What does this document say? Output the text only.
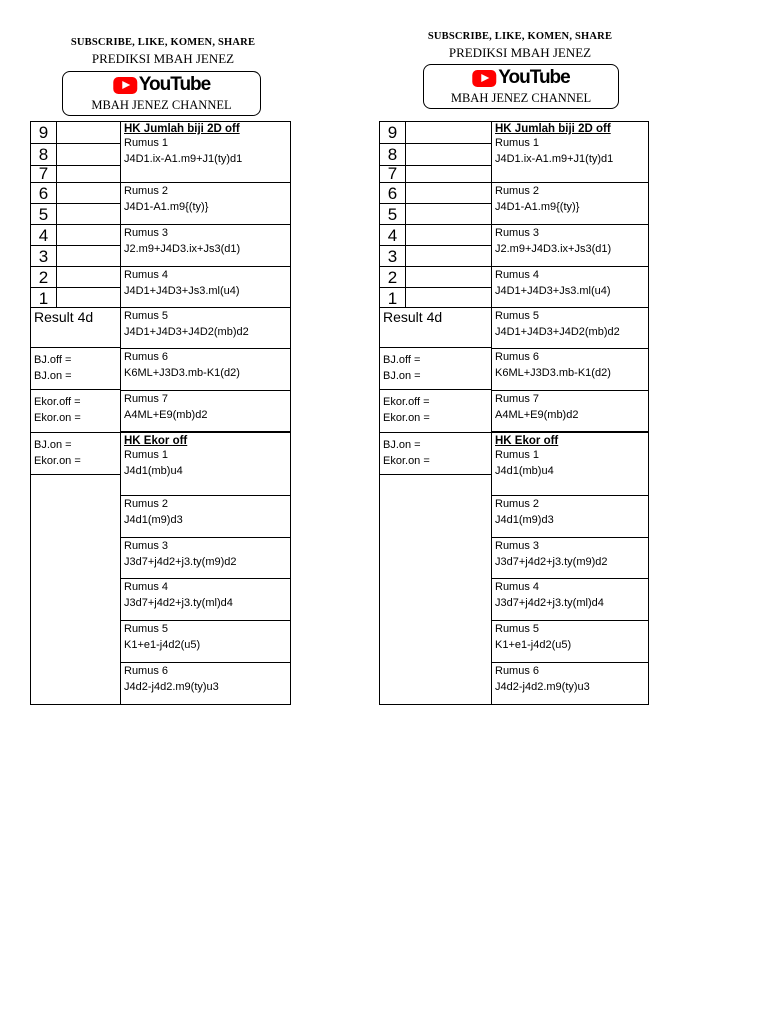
SUBSCRIBE, LIKE, KOMEN, SHARE
PREDIKSI MBAH JENEZ
YouTube
MBAH JENEZ CHANNEL
9
8
7
6
5
4
3
2
1
Result 4d
BJ.off =
BJ.on =
Ekor.off =
Ekor.on =
BJ.on =
Ekor.on =
HK Jumlah biji 2D off
Rumus 1
J4D1.ix-A1.m9+J1(ty)d1
Rumus 2
J4D1-A1.m9{(ty)}
Rumus 3
J2.m9+J4D3.ix+Js3(d1)
Rumus 4
J4D1+J4D3+Js3.ml(u4)
Rumus 5
J4D1+J4D3+J4D2(mb)d2
Rumus 6
K6ML+J3D3.mb-K1(d2)
Rumus 7
A4ML+E9(mb)d2
HK Ekor off
Rumus 1
J4d1(mb)u4
Rumus 2
J4d1(m9)d3
Rumus 3
J3d7+j4d2+j3.ty(m9)d2
Rumus 4
J3d7+j4d2+j3.ty(ml)d4
Rumus 5
K1+e1-j4d2(u5)
Rumus 6
J4d2-j4d2.m9(ty)u3
SUBSCRIBE, LIKE, KOMEN, SHARE
PREDIKSI MBAH JENEZ
YouTube
MBAH JENEZ CHANNEL
9
8
7
6
5
4
3
2
1
Result 4d
BJ.off =
BJ.on =
Ekor.off =
Ekor.on =
BJ.on =
Ekor.on =
HK Jumlah biji 2D off
Rumus 1
J4D1.ix-A1.m9+J1(ty)d1
Rumus 2
J4D1-A1.m9{(ty)}
Rumus 3
J2.m9+J4D3.ix+Js3(d1)
Rumus 4
J4D1+J4D3+Js3.ml(u4)
Rumus 5
J4D1+J4D3+J4D2(mb)d2
Rumus 6
K6ML+J3D3.mb-K1(d2)
Rumus 7
A4ML+E9(mb)d2
HK Ekor off
Rumus 1
J4d1(mb)u4
Rumus 2
J4d1(m9)d3
Rumus 3
J3d7+j4d2+j3.ty(m9)d2
Rumus 4
J3d7+j4d2+j3.ty(ml)d4
Rumus 5
K1+e1-j4d2(u5)
Rumus 6
J4d2-j4d2.m9(ty)u3
